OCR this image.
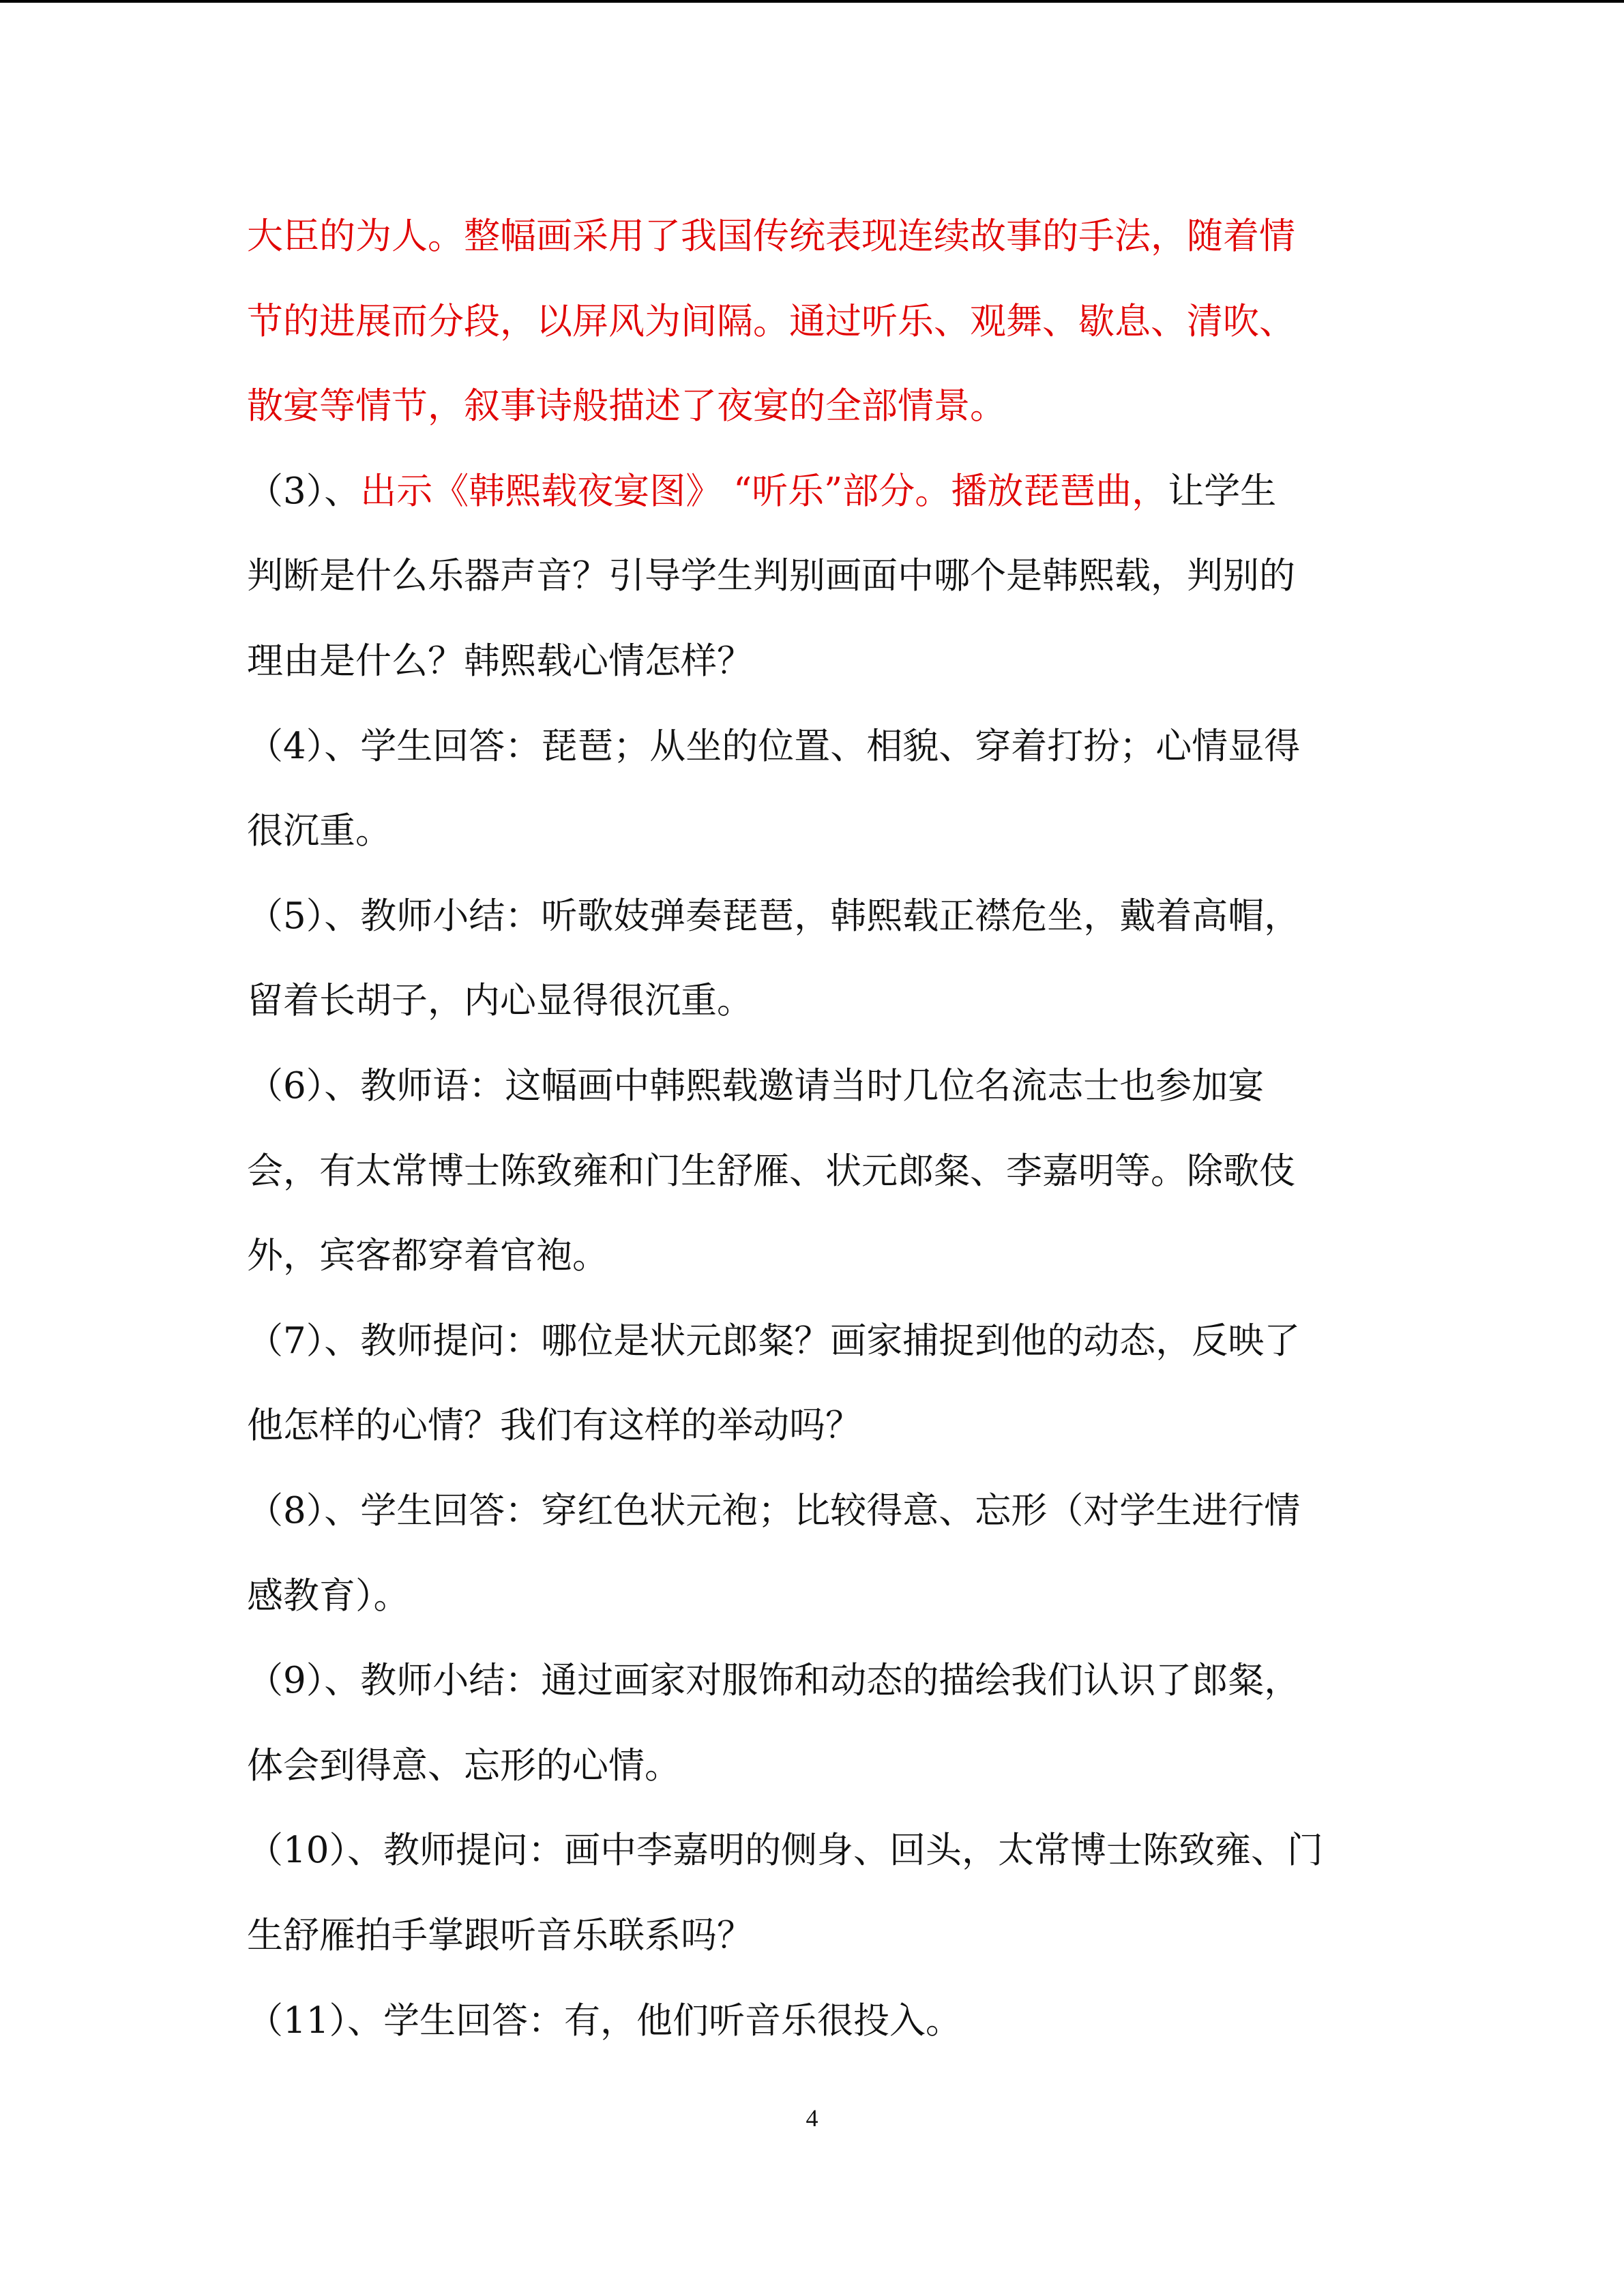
大臣的为人。整幅画采用了我国传统表现连续故事的手法，随着情
节的进展而分段，以屏风为间隔。通过听乐、观舞、歇息、清吹、
散宴等情节，叙事诗般描述了夜宴的全部情景。
（3）、出示《韩熙载夜宴图》 “听乐”部分。播放琵琶曲，让学生
判断是什么乐器声音？引导学生判别画面中哪个是韩熙载，判别的
理由是什么？韩熙载心情怎样？
（4）、学生回答：琵琶；从坐的位置、相貌、穿着打扮；心情显得
很沉重。
（5）、教师小结：听歌妓弹奏琵琶，韩熙载正襟危坐，戴着高帽，
留着长胡子，内心显得很沉重。
（6）、教师语：这幅画中韩熙载邀请当时几位名流志士也参加宴
会，有太常博士陈致雍和门生舒雁、状元郎粲、李嘉明等。除歌伎
外，宾客都穿着官袍。
（7）、教师提问：哪位是状元郎粲？画家捕捉到他的动态，反映了
他怎样的心情？我们有这样的举动吗？
（8）、学生回答：穿红色状元袍；比较得意、忘形（对学生进行情
感教育）。
（9）、教师小结：通过画家对服饰和动态的描绘我们认识了郎粲，
体会到得意、忘形的心情。
（10）、教师提问：画中李嘉明的侧身、回头，太常博士陈致雍、门
生舒雁拍手掌跟听音乐联系吗？
（11）、学生回答：有，他们听音乐很投入。
4
